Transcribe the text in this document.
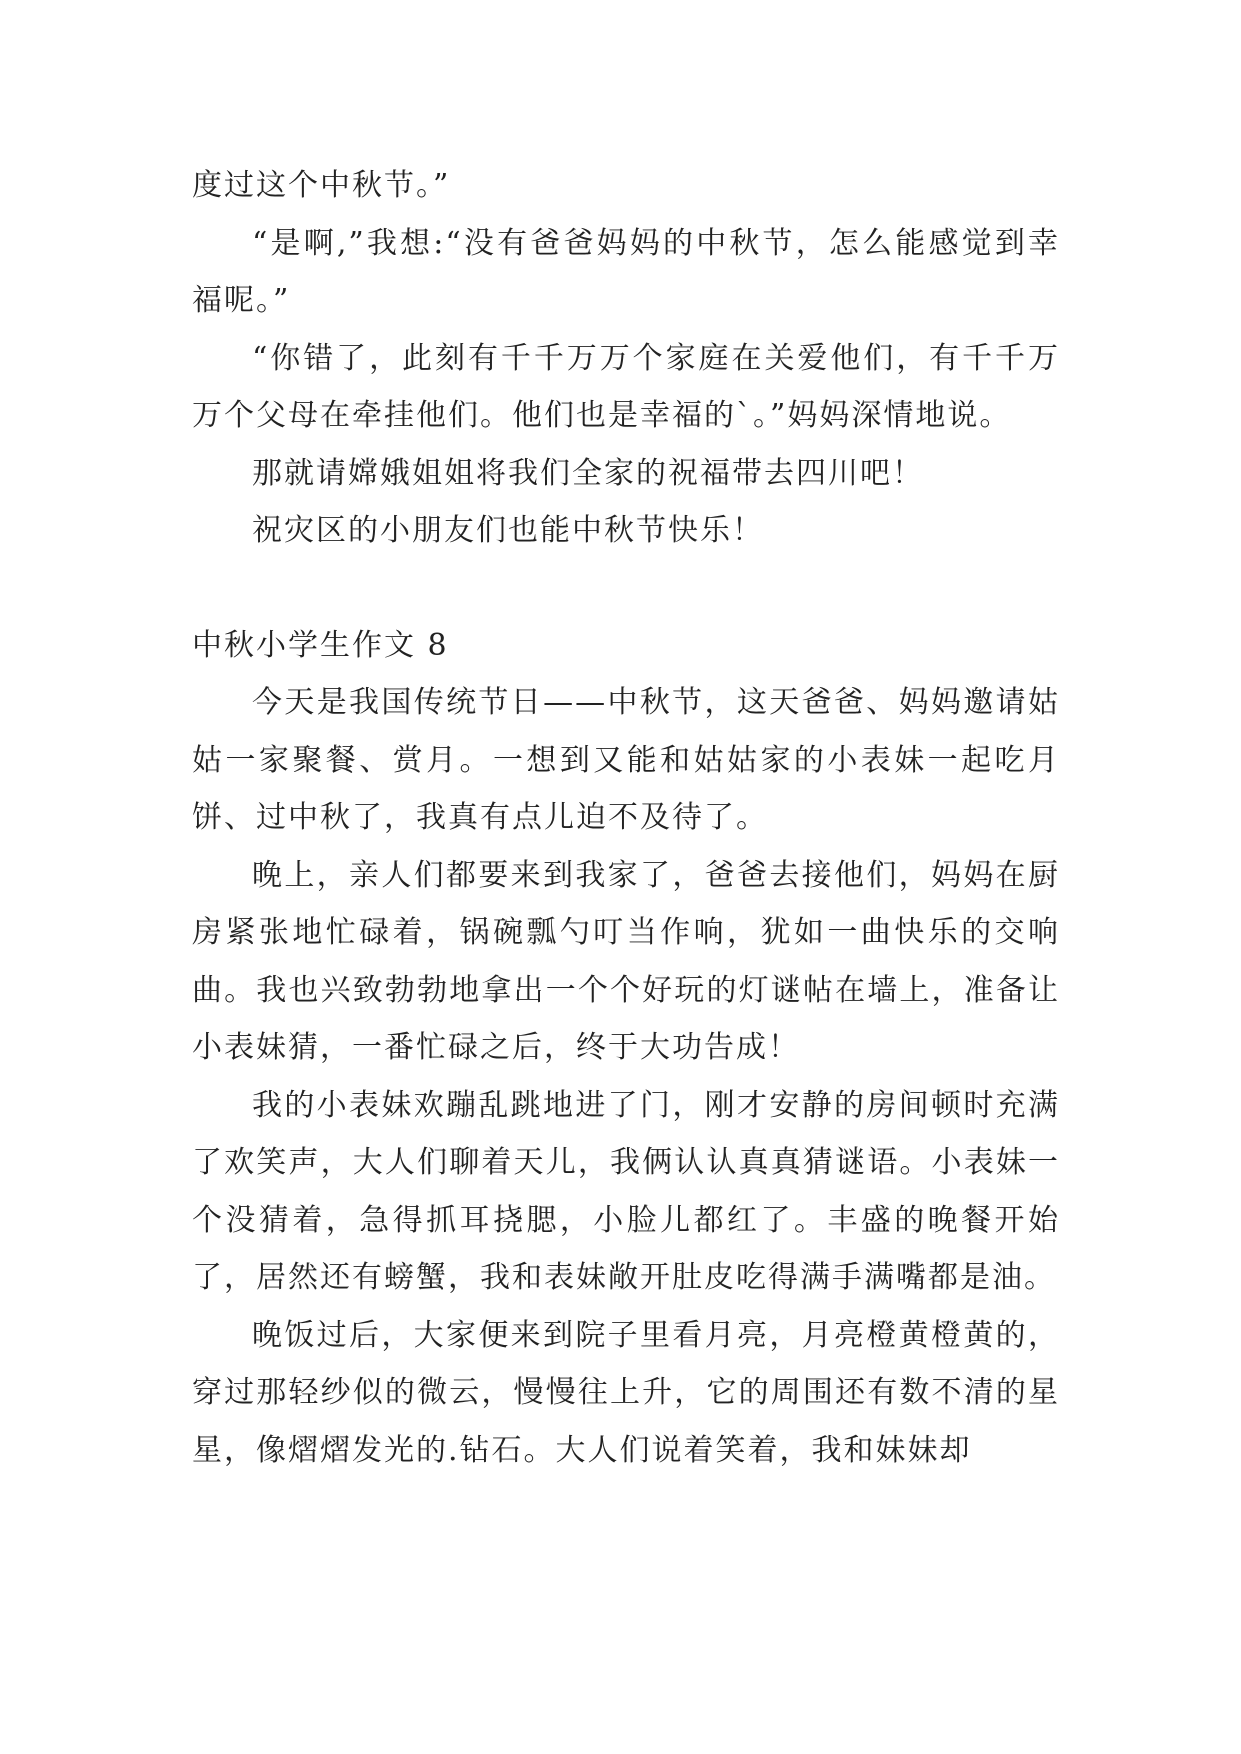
度过这个中秋节。”

“是啊,”我想:“没有爸爸妈妈的中秋节，怎么能感觉到幸福呢。”

“你错了，此刻有千千万万个家庭在关爱他们，有千千万万个父母在牵挂他们。他们也是幸福的`。”妈妈深情地说。

那就请嫦娥姐姐将我们全家的祝福带去四川吧！

祝灾区的小朋友们也能中秋节快乐！

中秋小学生作文 8

今天是我国传统节日——中秋节，这天爸爸、妈妈邀请姑姑一家聚餐、赏月。一想到又能和姑姑家的小表妹一起吃月饼、过中秋了，我真有点儿迫不及待了。

晚上，亲人们都要来到我家了，爸爸去接他们，妈妈在厨房紧张地忙碌着，锅碗瓢勺叮当作响，犹如一曲快乐的交响曲。我也兴致勃勃地拿出一个个好玩的灯谜帖在墙上，准备让小表妹猜，一番忙碌之后，终于大功告成！

我的小表妹欢蹦乱跳地进了门，刚才安静的房间顿时充满了欢笑声，大人们聊着天儿，我俩认认真真猜谜语。小表妹一个没猜着，急得抓耳挠腮，小脸儿都红了。丰盛的晚餐开始了，居然还有螃蟹，我和表妹敞开肚皮吃得满手满嘴都是油。

晚饭过后，大家便来到院子里看月亮，月亮橙黄橙黄的，穿过那轻纱似的微云，慢慢往上升，它的周围还有数不清的星星，像熠熠发光的.钻石。大人们说着笑着，我和妹妹却
